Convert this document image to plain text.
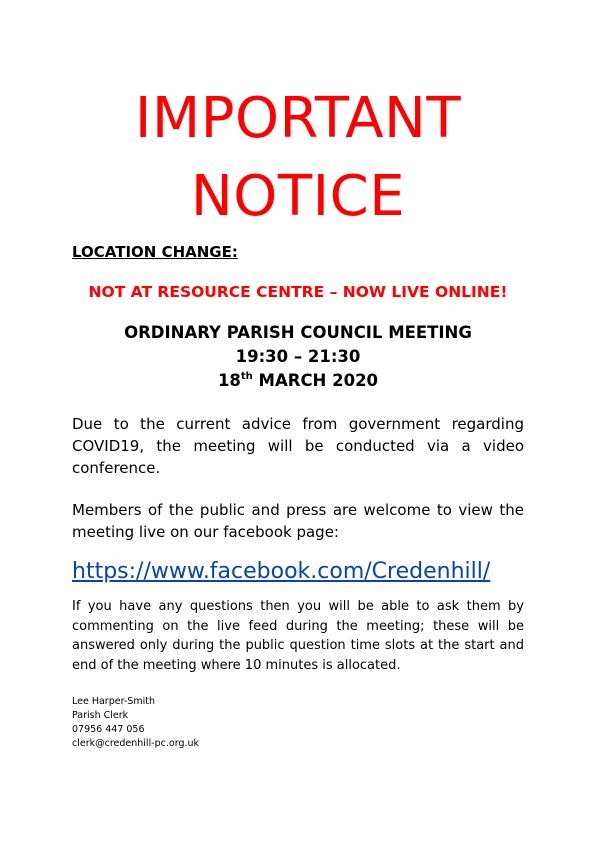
IMPORTANT
NOTICE
LOCATION CHANGE:
NOT AT RESOURCE CENTRE – NOW LIVE ONLINE!
ORDINARY PARISH COUNCIL MEETING
19:30 – 21:30
18th MARCH 2020
Due to the current advice from government regarding COVID19, the meeting will be conducted via a video conference.
Members of the public and press are welcome to view the meeting live on our facebook page:
https://www.facebook.com/Credenhill/
If you have any questions then you will be able to ask them by commenting on the live feed during the meeting; these will be answered only during the public question time slots at the start and end of the meeting where 10 minutes is allocated.
Lee Harper-Smith
Parish Clerk
07956 447 056
clerk@credenhill-pc.org.uk
